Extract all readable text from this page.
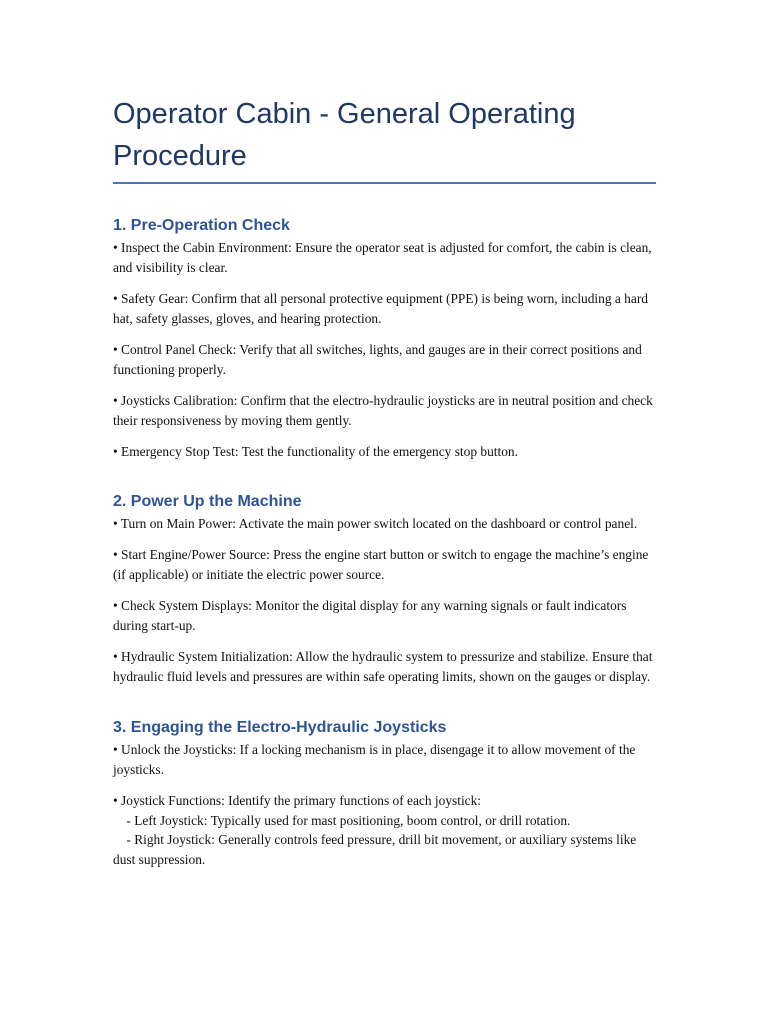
Operator Cabin - General Operating Procedure
1. Pre-Operation Check

• Inspect the Cabin Environment: Ensure the operator seat is adjusted for comfort, the cabin is clean, and visibility is clear.

• Safety Gear: Confirm that all personal protective equipment (PPE) is being worn, including a hard hat, safety glasses, gloves, and hearing protection.

• Control Panel Check: Verify that all switches, lights, and gauges are in their correct positions and functioning properly.

• Joysticks Calibration: Confirm that the electro-hydraulic joysticks are in neutral position and check their responsiveness by moving them gently.

• Emergency Stop Test: Test the functionality of the emergency stop button.

2. Power Up the Machine

• Turn on Main Power: Activate the main power switch located on the dashboard or control panel.

• Start Engine/Power Source: Press the engine start button or switch to engage the machine’s engine (if applicable) or initiate the electric power source.

• Check System Displays: Monitor the digital display for any warning signals or fault indicators during start-up.

• Hydraulic System Initialization: Allow the hydraulic system to pressurize and stabilize. Ensure that hydraulic fluid levels and pressures are within safe operating limits, shown on the gauges or display.

3. Engaging the Electro-Hydraulic Joysticks

• Unlock the Joysticks: If a locking mechanism is in place, disengage it to allow movement of the joysticks.

• Joystick Functions: Identify the primary functions of each joystick:
- Left Joystick: Typically used for mast positioning, boom control, or drill rotation.
- Right Joystick: Generally controls feed pressure, drill bit movement, or auxiliary systems like dust suppression.
